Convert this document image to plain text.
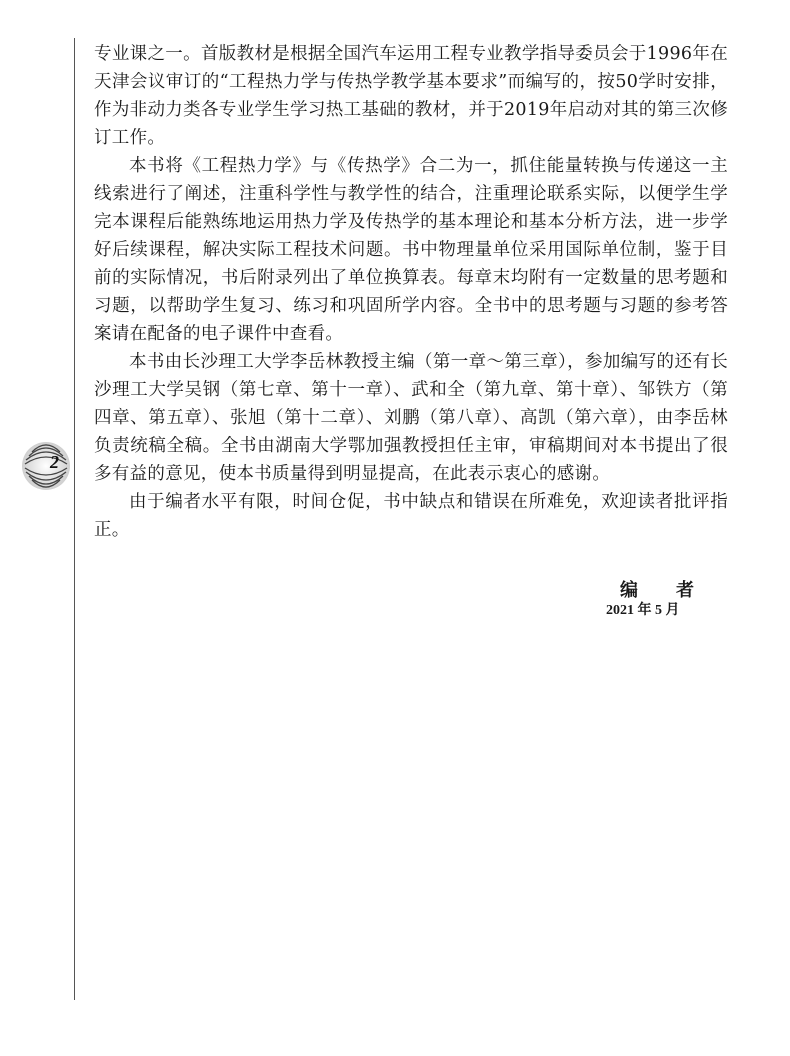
2

专业课之一。首版教材是根据全国汽车运用工程专业教学指导委员会于1996年在天津会议审订的“工程热力学与传热学教学基本要求”而编写的，按50学时安排，作为非动力类各专业学生学习热工基础的教材，并于2019年启动对其的第三次修订工作。

本书将《工程热力学》与《传热学》合二为一，抓住能量转换与传递这一主线索进行了阐述，注重科学性与教学性的结合，注重理论联系实际，以便学生学完本课程后能熟练地运用热力学及传热学的基本理论和基本分析方法，进一步学好后续课程，解决实际工程技术问题。书中物理量单位采用国际单位制，鉴于目前的实际情况，书后附录列出了单位换算表。每章末均附有一定数量的思考题和习题，以帮助学生复习、练习和巩固所学内容。全书中的思考题与习题的参考答案请在配备的电子课件中查看。

本书由长沙理工大学李岳林教授主编（第一章～第三章），参加编写的还有长沙理工大学吴钢（第七章、第十一章）、武和全（第九章、第十章）、邹铁方（第四章、第五章）、张旭（第十二章）、刘鹏（第八章）、高凯（第六章），由李岳林负责统稿全稿。全书由湖南大学鄂加强教授担任主审，审稿期间对本书提出了很多有益的意见，使本书质量得到明显提高，在此表示衷心的感谢。

由于编者水平有限，时间仓促，书中缺点和错误在所难免，欢迎读者批评指正。

编　者
2021 年 5 月
